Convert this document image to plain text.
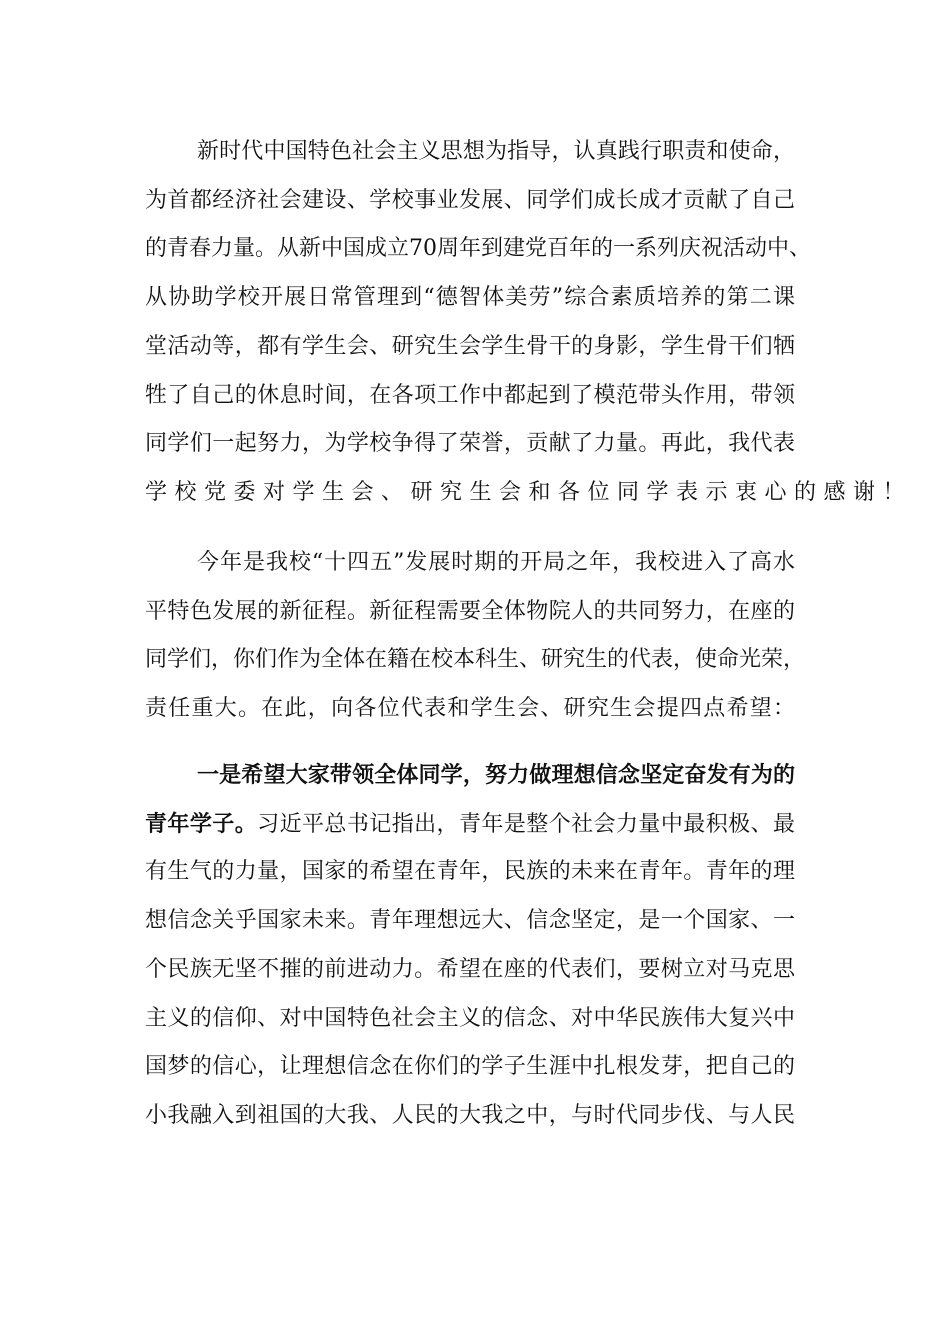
新时代中国特色社会主义思想为指导，认真践行职责和使命，
为首都经济社会建设、学校事业发展、同学们成长成才贡献了自己
的青春力量。从新中国成立70周年到建党百年的一系列庆祝活动中、
从协助学校开展日常管理到“德智体美劳”综合素质培养的第二课
堂活动等，都有学生会、研究生会学生骨干的身影，学生骨干们牺
牲了自己的休息时间，在各项工作中都起到了模范带头作用，带领
同学们一起努力，为学校争得了荣誉，贡献了力量。再此，我代表
学校党委对学生会、研究生会和各位同学表示衷心的感谢！
今年是我校“十四五”发展时期的开局之年，我校进入了高水
平特色发展的新征程。新征程需要全体物院人的共同努力，在座的
同学们，你们作为全体在籍在校本科生、研究生的代表，使命光荣，
责任重大。在此，向各位代表和学生会、研究生会提四点希望：
一是希望大家带领全体同学，努力做理想信念坚定奋发有为的
青年学子。习近平总书记指出，青年是整个社会力量中最积极、最
有生气的力量，国家的希望在青年，民族的未来在青年。青年的理
想信念关乎国家未来。青年理想远大、信念坚定，是一个国家、一
个民族无坚不摧的前进动力。希望在座的代表们，要树立对马克思
主义的信仰、对中国特色社会主义的信念、对中华民族伟大复兴中
国梦的信心，让理想信念在你们的学子生涯中扎根发芽，把自己的
小我融入到祖国的大我、人民的大我之中，与时代同步伐、与人民
